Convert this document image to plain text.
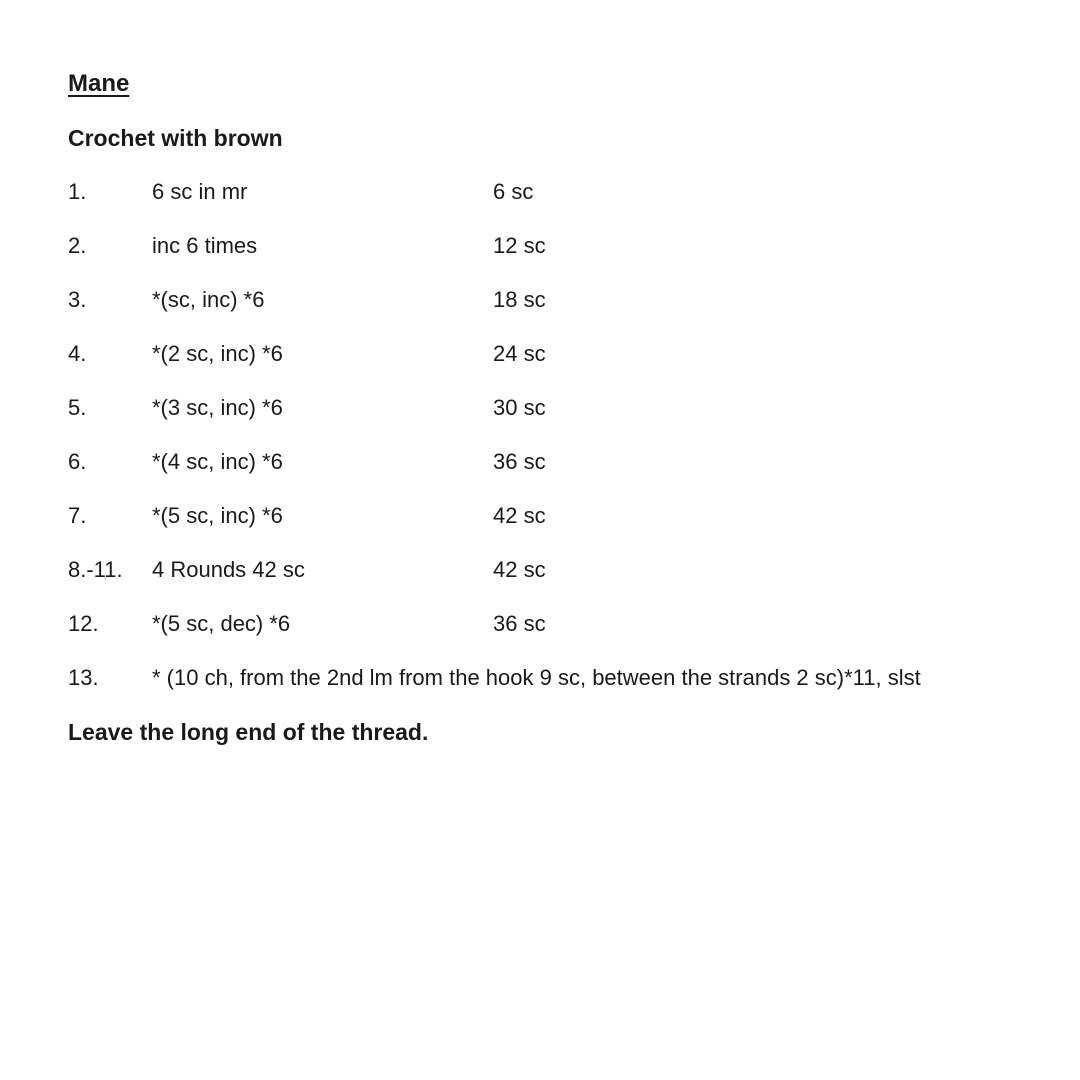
Mane

Crochet with brown

1.	6 sc in mr	6 sc
2.	inc 6 times	12 sc
3.	*(sc, inc) *6	18 sc
4.	*(2 sc, inc) *6	24 sc
5.	*(3 sc, inc) *6	30 sc
6.	*(4 sc, inc) *6	36 sc
7.	*(5 sc, inc) *6	42 sc
8.-11.	4 Rounds 42 sc	42 sc
12.	*(5 sc, dec) *6	36 sc
13.	* (10 ch, from the 2nd lm from the hook 9 sc, between the strands 2 sc)*11, slst

Leave the long end of the thread.
